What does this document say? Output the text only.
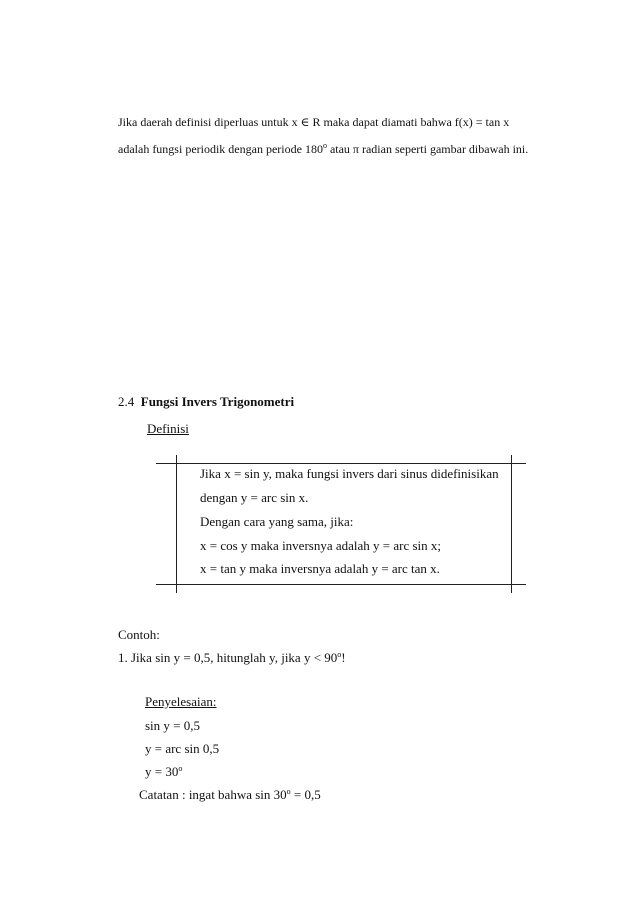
Jika daerah definisi diperluas untuk x ∈ R maka dapat diamati bahwa f(x) = tan x
adalah fungsi periodik dengan periode 180$^o$ atau π radian seperti gambar dibawah ini.
2.4 Fungsi Invers Trigonometri
Definisi
Jika x = sin y, maka fungsi invers dari sinus didefinisikan
dengan y = arc sin x.
Dengan cara yang sama, jika:
x = cos y maka inversnya adalah y = arc sin x;
x = tan y maka inversnya adalah y = arc tan x.
Contoh:
1. Jika sin y = 0,5, hitunglah y, jika $y < 90^o$!
Penyelesaian:
sin y = 0,5
y = arc sin 0,5
$y = 30^o$
Catatan : ingat bahwa $\sin 30^o = 0,5$
